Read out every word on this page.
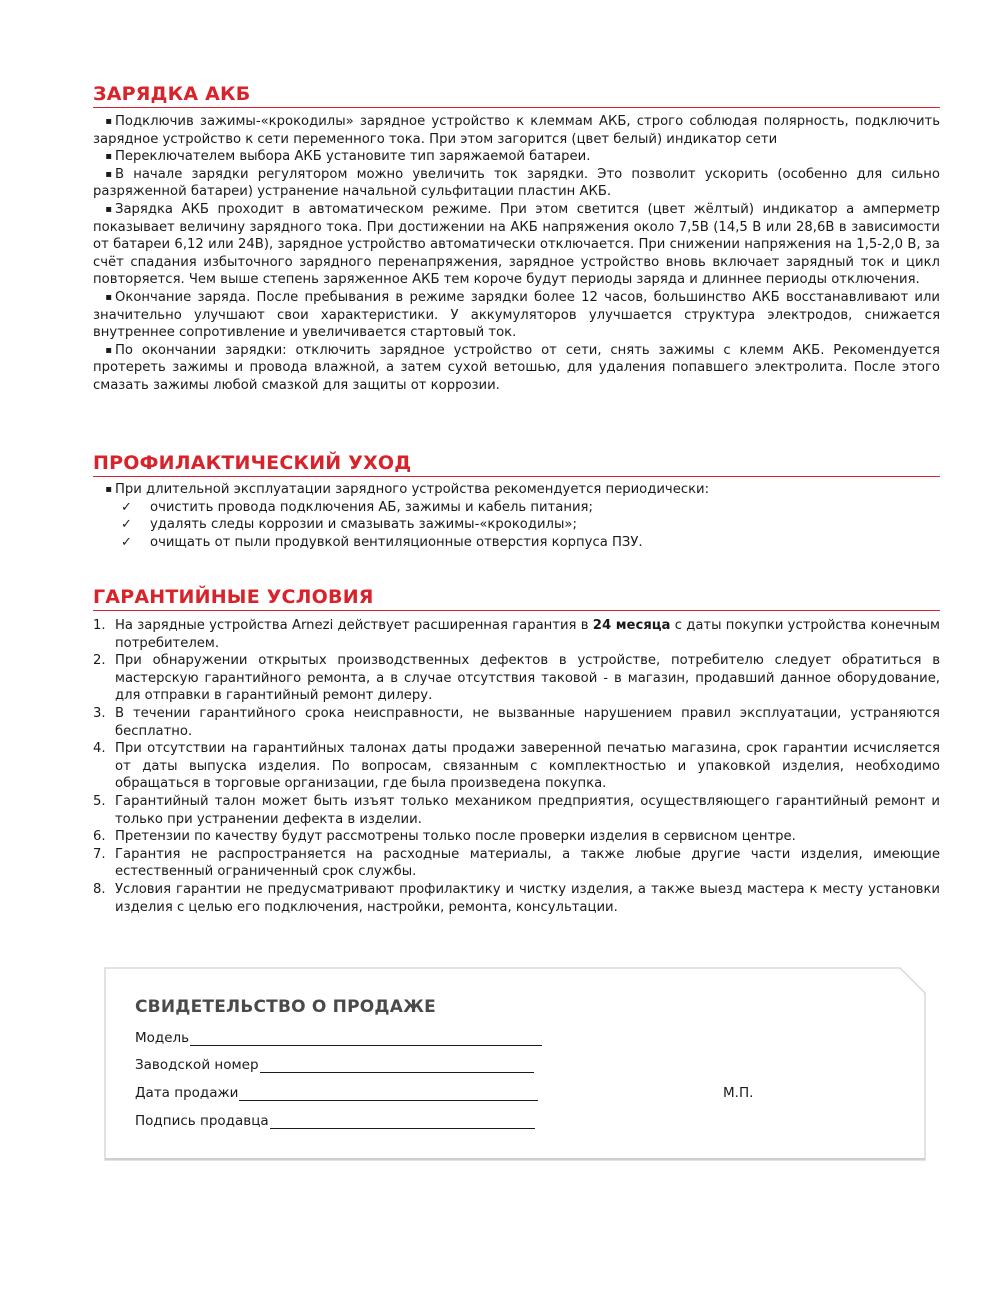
ЗАРЯДКА АКБ

▪ Подключив зажимы-«крокодилы» зарядное устройство к клеммам АКБ, строго соблюдая полярность, подключить зарядное устройство к сети переменного тока. При этом загорится (цвет белый) индикатор сети

▪ Переключателем выбора АКБ установите тип заряжаемой батареи.

▪ В начале зарядки регулятором можно увеличить ток зарядки. Это позволит ускорить (особенно для сильно разряженной батареи) устранение начальной сульфитации пластин АКБ.

▪ Зарядка АКБ проходит в автоматическом режиме. При этом светится (цвет жёлтый) индикатор а амперметр показывает величину зарядного тока. При достижении на АКБ напряжения около 7,5В (14,5 В или 28,6В в зависимости от батареи 6,12 или 24В), зарядное устройство автоматически отключается. При снижении напряжения на 1,5-2,0 В, за счёт спадания избыточного зарядного перенапряжения, зарядное устройство вновь включает зарядный ток и цикл повторяется. Чем выше степень заряженное АКБ тем короче будут периоды заряда и длиннее периоды отключения.

▪ Окончание заряда. После пребывания в режиме зарядки более 12 часов, большинство АКБ восстанавливают или значительно улучшают свои характеристики. У аккумуляторов улучшается структура электродов, снижается внутреннее сопротивление и увеличивается стартовый ток.

▪ По окончании зарядки: отключить зарядное устройство от сети, снять зажимы с клемм АКБ. Рекомендуется протереть зажимы и провода влажной, а затем сухой ветошью, для удаления попавшего электролита. После этого смазать зажимы любой смазкой для защиты от коррозии.

ПРОФИЛАКТИЧЕСКИЙ УХОД

▪ При длительной эксплуатации зарядного устройства рекомендуется периодически:

✓ очистить провода подключения АБ, зажимы и кабель питания;
✓ удалять следы коррозии и смазывать зажимы-«крокодилы»;
✓ очищать от пыли продувкой вентиляционные отверстия корпуса ПЗУ.
ГАРАНТИЙНЫЕ УСЛОВИЯ
1. На зарядные устройства Arnezi действует расширенная гарантия в 24 месяца с даты покупки устройства конечным потребителем.
2. При обнаружении открытых производственных дефектов в устройстве, потребителю следует обратиться в мастерскую гарантийного ремонта, а в случае отсутствия таковой - в магазин, продавший данное оборудование, для отправки в гарантийный ремонт дилеру.
3. В течении гарантийного срока неисправности, не вызванные нарушением правил эксплуатации, устраняются бесплатно.
4. При отсутствии на гарантийных талонах даты продажи заверенной печатью магазина, срок гарантии исчисляется от даты выпуска изделия. По вопросам, связанным с комплектностью и упаковкой изделия, необходимо обращаться в торговые организации, где была произведена покупка.
5. Гарантийный талон может быть изъят только механиком предприятия, осуществляющего гарантийный ремонт и только при устранении дефекта в изделии.
6. Претензии по качеству будут рассмотрены только после проверки изделия в сервисном центре.
7. Гарантия не распространяется на расходные материалы, а также любые другие части изделия, имеющие естественный ограниченный срок службы.
8. Условия гарантии не предусматривают профилактику и чистку изделия, а также выезд мастера к месту установки изделия с целью его подключения, настройки, ремонта, консультации.
СВИДЕТЕЛЬСТВО О ПРОДАЖЕ
Модель
Заводской номер
Дата продажи
Подпись продавца
М.П.
